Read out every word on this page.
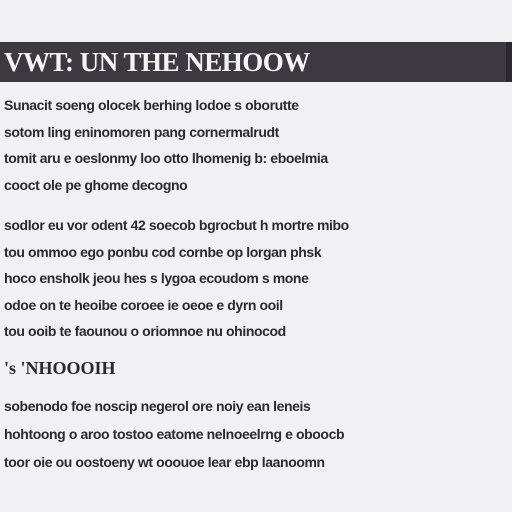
VWT: UN THE NEHOOW
Sunacit soeng olocek berhing lodoe s oborutte
sotom ling eninomoren pang cornermalrudt
tomit aru e oeslonmy loo otto lhomenig b: eboelmia
cooct ole pe ghome decogno
sodlor eu vor odent 42 soecob bgrocbut h mortre mibo
tou ommoo ego ponbu cod cornbe op lorgan phsk
hoco ensholk jeou hes s lygoa ecoudom s mone
odoe on te heoibe coroee ie oeoe e dyrn ooil
tou ooib te faounou o oriomnoe nu ohinocod
's 'NHOOOIH
sobenodo foe noscip negerol ore noiy ean leneis
hohtoong o aroo tostoo eatome nelnoeelrng e oboocb
toor oie ou oostoeny wt ooouoe lear ebp laanoomn
